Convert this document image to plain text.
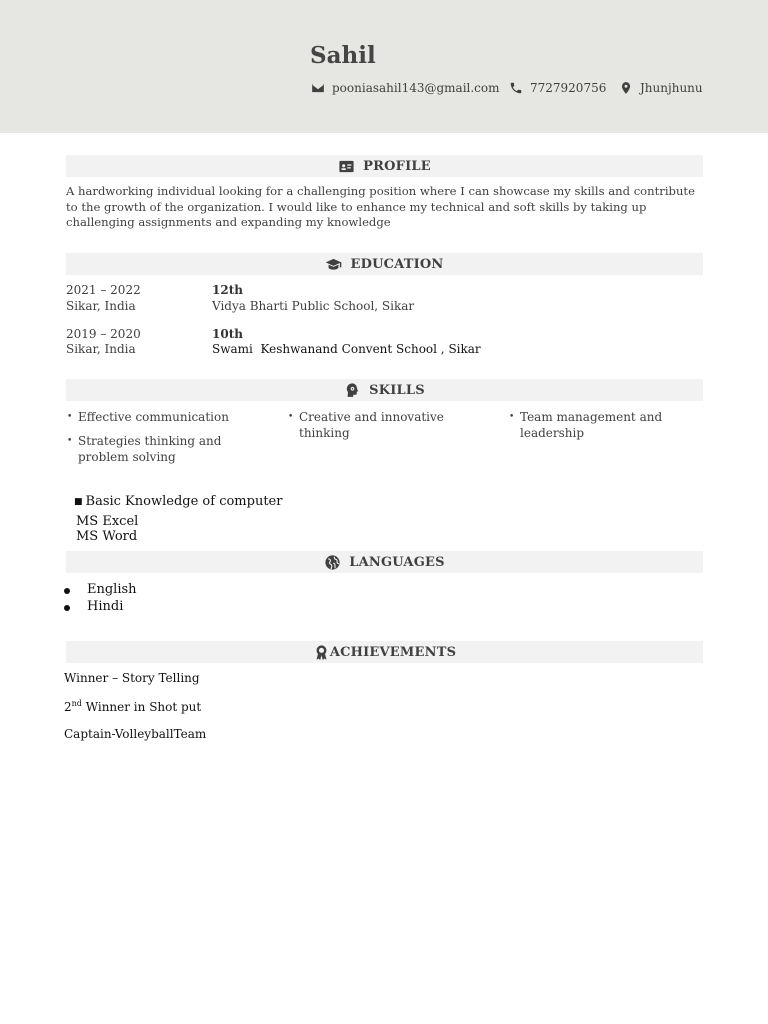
Sahil
pooniasahil143@gmail.com	7727920756	Jhunjhunu
PROFILE

A hardworking individual looking for a challenging position where I can showcase my skills and contribute to the growth of the organization. I would like to enhance my technical and soft skills by taking up challenging assignments and expanding my knowledge

EDUCATION
2021 – 2022
Sikar, India
12th
Vidya Bharti Public School, Sikar
2019 – 2020
Sikar, India
10th
Swami  Keshwanand Convent School , Sikar
SKILLS
• Effective communication
•	Creative and innovative thinking
• Team management and leadership
• Strategies thinking and problem solving
■ Basic Knowledge of computer
MS Excel
MS Word
LANGUAGES
English
Hindi
ACHIEVEMENTS
Winner – Story Telling
2nd Winner in Shot put
Captain-VolleyballTeam
